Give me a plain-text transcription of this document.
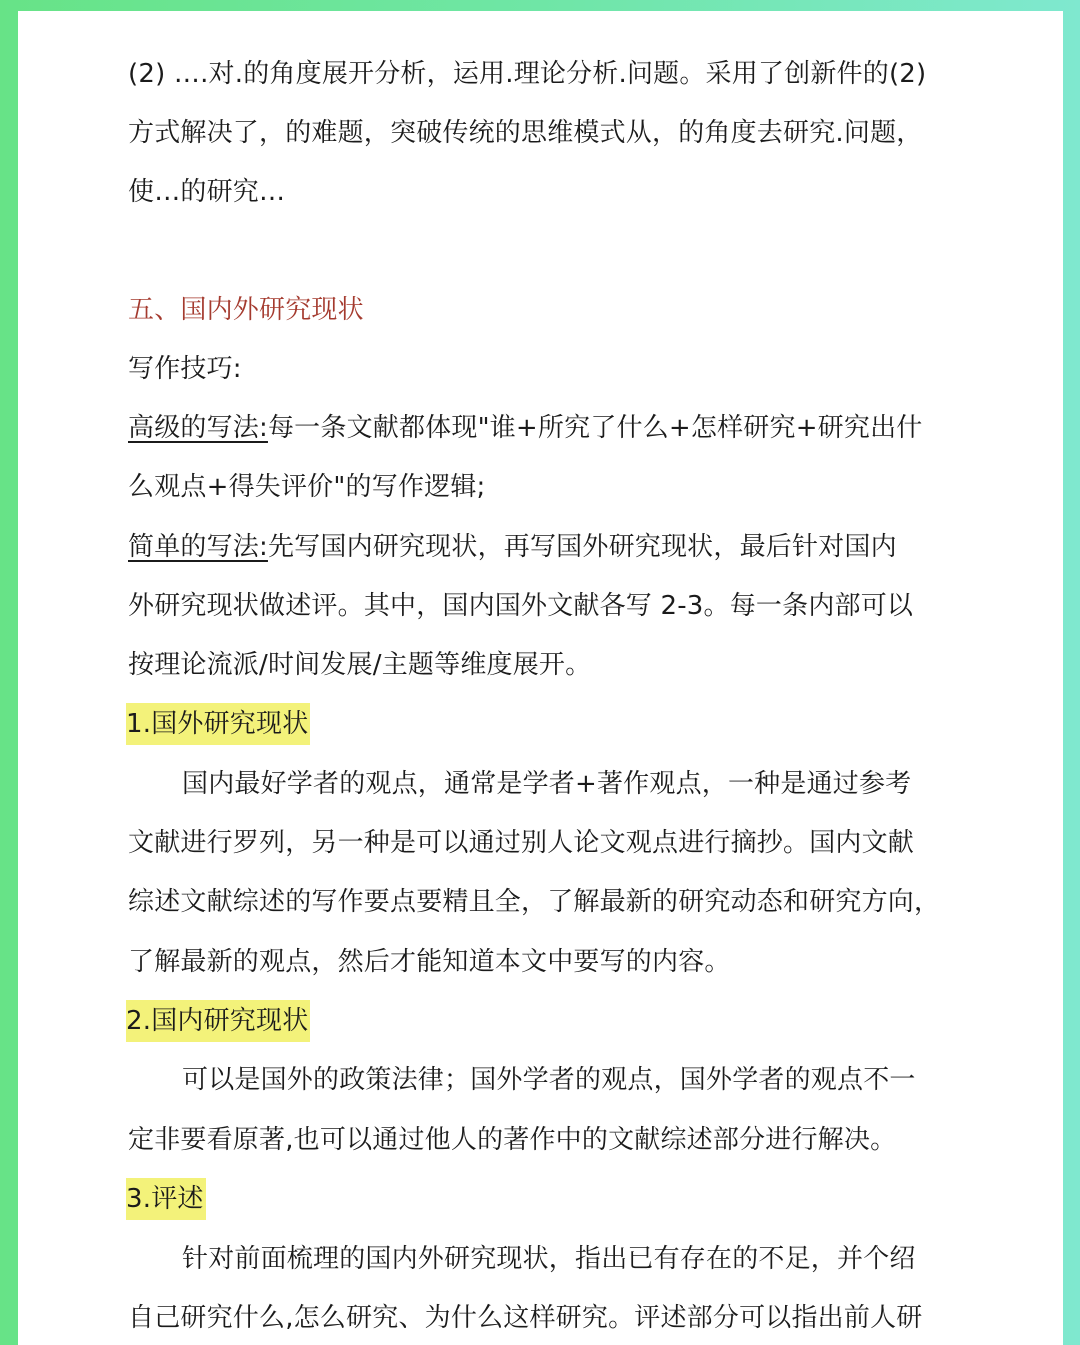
(2) ….对.的角度展开分析，运用.理论分析.问题。采用了创新件的(2)
方式解决了，的难题，突破传统的思维模式从，的角度去研究.问题，
使…的研究…
五、国内外研究现状
写作技巧:
高级的写法:每一条文献都体现"谁+所究了什么+怎样研究+研究出什
么观点+得失评价"的写作逻辑;
简单的写法:先写国内研究现状，再写国外研究现状，最后针对国内
外研究现状做述评。其中，国内国外文献各写 2-3。每一条内部可以
按理论流派/时间发展/主题等维度展开。
1.国外研究现状
国内最好学者的观点，通常是学者+著作观点，一种是通过参考
文献进行罗列，另一种是可以通过别人论文观点进行摘抄。国内文献
综述文献综述的写作要点要精且全，了解最新的研究动态和研究方向，
了解最新的观点，然后才能知道本文中要写的内容。
2.国内研究现状
可以是国外的政策法律；国外学者的观点，国外学者的观点不一
定非要看原著,也可以通过他人的著作中的文献综述部分进行解决。
3.评述
针对前面梳理的国内外研究现状，指出已有存在的不足，并个绍
自己研究什么,怎么研究、为什么这样研究。评述部分可以指出前人研
